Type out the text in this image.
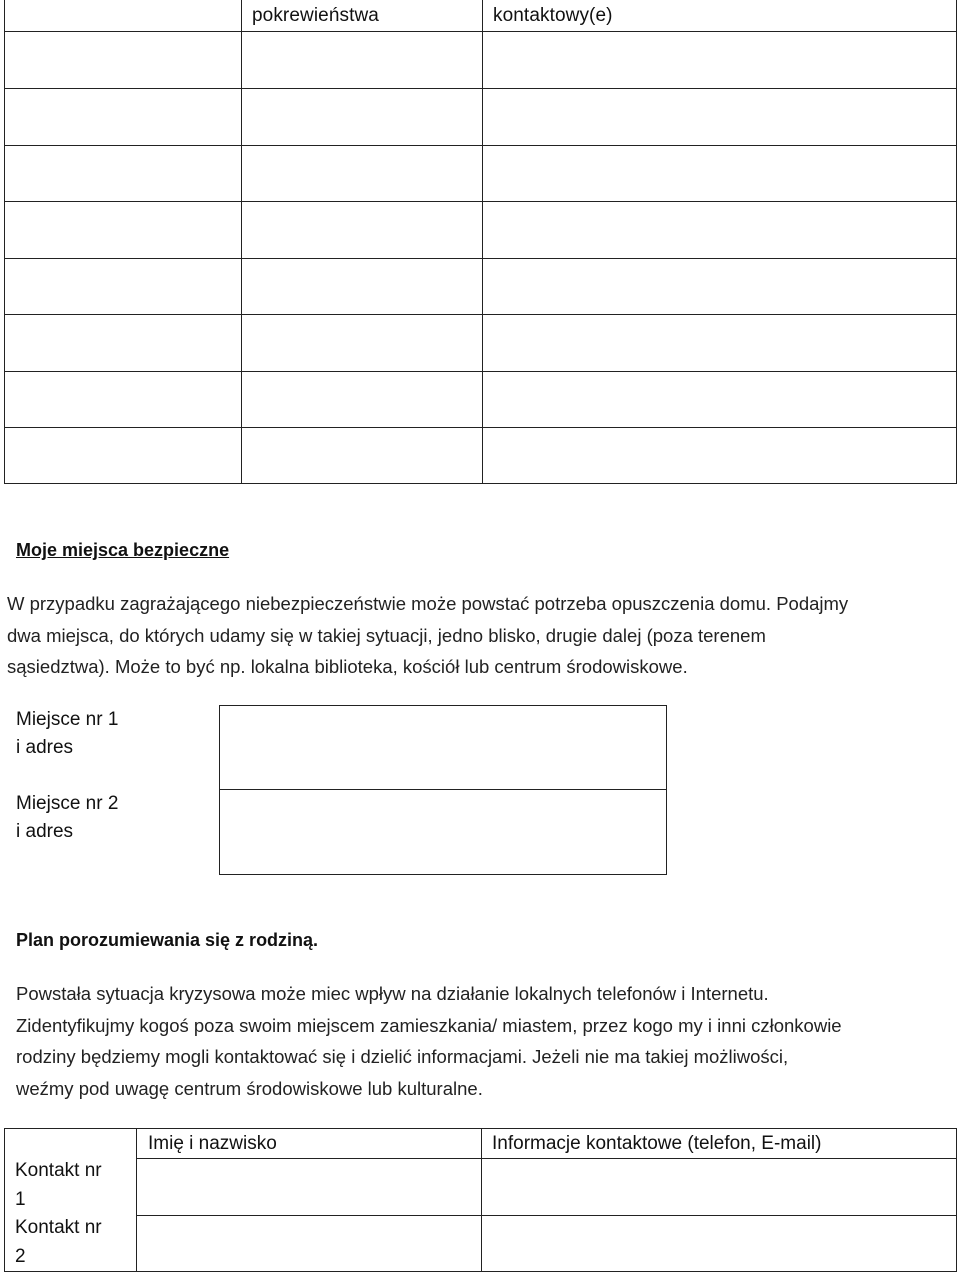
pokrewieństwa	kontaktowy(e)
Moje miejsca bezpieczne
W przypadku zagrażającego niebezpieczeństwie może powstać potrzeba opuszczenia domu. Podajmy
dwa miejsca, do których udamy się w takiej sytuacji, jedno blisko, drugie dalej (poza terenem
sąsiedztwa). Może to być np. lokalna biblioteka, kościół lub centrum środowiskowe.
Miejsce nr 1
i adres
Miejsce nr 2
i adres
Plan porozumiewania się z rodziną.
Powstała sytuacja kryzysowa może miec wpływ na działanie lokalnych telefonów i Internetu.
Zidentyfikujmy kogoś poza swoim miejscem zamieszkania/ miastem, przez kogo my i inni członkowie
rodziny będziemy mogli kontaktować się i dzielić informacjami. Jeżeli nie ma takiej możliwości,
weźmy pod uwagę centrum środowiskowe lub kulturalne.
Imię i nazwisko	Informacje kontaktowe (telefon, E-mail)
Kontakt nr
1
Kontakt nr
2
